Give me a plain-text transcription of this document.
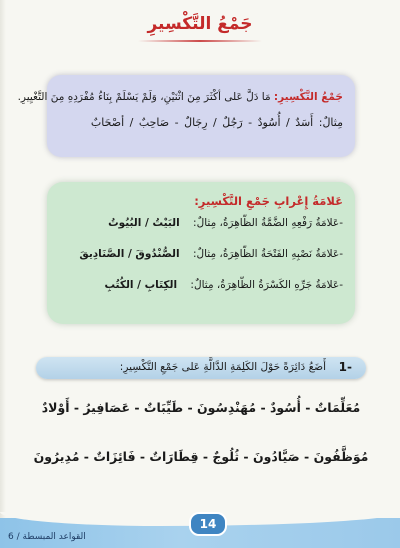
جَمْعُ التَّكْسِيرِ
جَمْعُ التَّكْسِيرِ: مَا دَلَّ عَلى أكْثَرَ مِنَ اثْنَيْنِ، وَلَمْ يَسْلَمْ بِنَاءُ مُفْرَدِهِ مِنَ التَّغْيِيرِ.
مِثالٌ: أَسَدٌ / أُسُودٌ - رَجُلٌ / رِجَالٌ - صَاحِبٌ / أصْحَابٌ
عَلامَةُ إِعْرابِ جَمْعِ التَّكْسِيرِ:
-عَلامَةُ رَفْعِهِ الضَّمَّةُ الظّاهِرَةُ، مِثالٌ: البَيْتُ / البُيُوتُ
-عَلامَةُ نَصْبِهِ الفَتْحَةُ الظّاهِرَةُ، مِثالٌ: الصُّنْدُوقَ / الصَّنَادِيقَ
-عَلامَةُ جَرِّهِ الكَسْرَةُ الظّاهِرَةُ، مِثالٌ: الكِتَابِ / الكُتُبِ
1-
أَضَعُ دَائِرَةً حَوْلَ الكَلِمَةِ الدَّالَّةِ عَلى جَمْعِ التَّكْسِيرِ:
مُعَلِّمَاتٌ - أُسُودٌ - مُهَنْدِسُونَ - طَيِّبَاتٌ - عَصَافِيرُ - أَوْلادٌ
مُوَظَّفُونَ - صَيَّادُونَ - ثُلُوجٌ - قِطَارَاتٌ - فَائِزَاتٌ - مُدِيرُونَ
14
القواعد المبسطة / 6
